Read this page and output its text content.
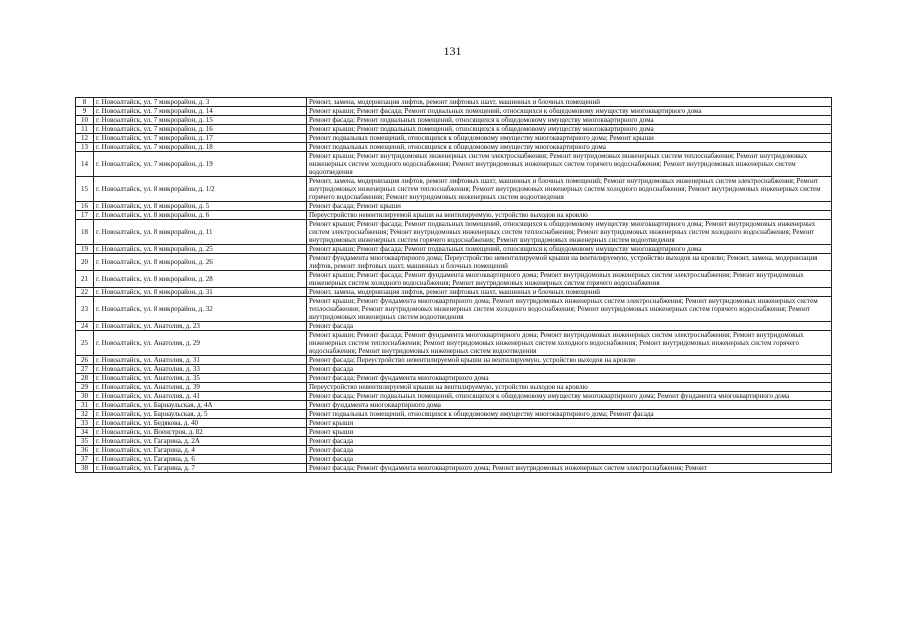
131
8	г. Новоалтайск, ул. 7 микрорайон, д. 3	Ремонт, замена, модернизация лифтов, ремонт лифтовых шахт, машинных и блочных помещений
9	г. Новоалтайск, ул. 7 микрорайон, д. 14	Ремонт крыши; Ремонт фасада; Ремонт подвальных помещений, относящихся к общедомовому имуществу многоквартирного дома
10	г. Новоалтайск, ул. 7 микрорайон, д. 15	Ремонт фасада; Ремонт подвальных помещений, относящихся к общедомовому имуществу многоквартирного дома
11	г. Новоалтайск, ул. 7 микрорайон, д. 16	Ремонт крыши; Ремонт подвальных помещений, относящихся к общедомовому имуществу многоквартирного дома
12	г. Новоалтайск, ул. 7 микрорайон, д. 17	Ремонт подвальных помещений, относящихся к общедомовому имуществу многоквартирного дома; Ремонт крыши
13	г. Новоалтайск, ул. 7 микрорайон, д. 18	Ремонт подвальных помещений, относящихся к общедомовому имуществу многоквартирного дома
14	г. Новоалтайск, ул. 7 микрорайон, д. 19	Ремонт крыши; Ремонт внутридомовых инженерных систем электроснабжения; Ремонт внутридомовых инженерных систем теплоснабжения; Ремонт внутридомовых инженерных систем холодного водоснабжения; Ремонт внутридомовых инженерных систем горячего водоснабжения; Ремонт внутридомовых инженерных систем водоотведения
15	г. Новоалтайск, ул. 8 микрорайон, д. 1/2	Ремонт, замена, модернизация лифтов, ремонт лифтовых шахт, машинных и блочных помещений; Ремонт внутридомовых инженерных систем электроснабжения; Ремонт внутридомовых инженерных систем теплоснабжения; Ремонт внутридомовых инженерных систем холодного водоснабжения; Ремонт внутридомовых инженерных систем горячего водоснабжения; Ремонт внутридомовых инженерных систем водоотведения
16	г. Новоалтайск, ул. 8 микрорайон, д. 5	Ремонт фасада; Ремонт крыши
17	г. Новоалтайск, ул. 8 микрорайон, д. 6	Переустройство невентилируемой крыши на вентилируемую, устройство выходов на кровлю
18	г. Новоалтайск, ул. 8 микрорайон, д. 11	Ремонт крыши; Ремонт фасада; Ремонт подвальных помещений, относящихся к общедомовому имуществу многоквартирного дома; Ремонт внутридомовых инженерных систем электроснабжения; Ремонт внутридомовых инженерных систем теплоснабжения; Ремонт внутридомовых инженерных систем холодного водоснабжения; Ремонт внутридомовых инженерных систем горячего водоснабжения; Ремонт внутридомовых инженерных систем водоотведения
19	г. Новоалтайск, ул. 8 микрорайон, д. 25	Ремонт крыши; Ремонт фасада; Ремонт подвальных помещений, относящихся к общедомовому имуществу многоквартирного дома
20	г. Новоалтайск, ул. 8 микрорайон, д. 26	Ремонт фундамента многоквартирного дома; Переустройство невентилируемой крыши на вентилируемую, устройство выходов на кровлю; Ремонт, замена, модернизация лифтов, ремонт лифтовых шахт, машинных и блочных помещений
21	г. Новоалтайск, ул. 8 микрорайон, д. 28	Ремонт крыши; Ремонт фасада; Ремонт фундамента многоквартирного дома; Ремонт внутридомовых инженерных систем электроснабжения; Ремонт внутридомовых инженерных систем холодного водоснабжения; Ремонт внутридомовых инженерных систем горячего водоснабжения
22	г. Новоалтайск, ул. 8 микрорайон, д. 31	Ремонт, замена, модернизация лифтов, ремонт лифтовых шахт, машинных и блочных помещений
23	г. Новоалтайск, ул. 8 микрорайон, д. 32	Ремонт крыши; Ремонт фундамента многоквартирного дома; Ремонт внутридомовых инженерных систем электроснабжения; Ремонт внутридомовых инженерных систем теплоснабжения; Ремонт внутридомовых инженерных систем холодного водоснабжения; Ремонт внутридомовых инженерных систем горячего водоснабжения; Ремонт внутридомовых инженерных систем водоотведения
24	г. Новоалтайск, ул. Анатолия, д. 23	Ремонт фасада
25	г. Новоалтайск, ул. Анатолия, д. 29	Ремонт крыши; Ремонт фасада; Ремонт фундамента многоквартирного дома; Ремонт внутридомовых инженерных систем электроснабжения; Ремонт внутридомовых инженерных систем теплоснабжения; Ремонт внутридомовых инженерных систем холодного водоснабжения; Ремонт внутридомовых инженерных систем горячего водоснабжения; Ремонт внутридомовых инженерных систем водоотведения
26	г. Новоалтайск, ул. Анатолия, д. 31	Ремонт фасада; Переустройство невентилируемой крыши на вентилируемую, устройство выходов на кровлю
27	г. Новоалтайск, ул. Анатолия, д. 33	Ремонт фасада
28	г. Новоалтайск, ул. Анатолия, д. 35	Ремонт фасада; Ремонт фундамента многоквартирного дома
29	г. Новоалтайск, ул. Анатолия, д. 39	Переустройство невентилируемой крыши на вентилируемую, устройство выходов на кровлю
30	г. Новоалтайск, ул. Анатолия, д. 41	Ремонт фасада; Ремонт подвальных помещений, относящихся к общедомовому имуществу многоквартирного дома; Ремонт фундамента многоквартирного дома
31	г. Новоалтайск, ул. Барнаульская, д. 4А	Ремонт фундамента многоквартирного дома
32	г. Новоалтайск, ул. Барнаульская, д. 5	Ремонт подвальных помещений, относящихся к общедомовому имуществу многоквартирного дома; Ремонт фасада
33	г. Новоалтайск, ул. Бедякова, д. 40	Ремонт крыши
34	г. Новоалтайск, ул. Военстроя, д. 82	Ремонт крыши
35	г. Новоалтайск, ул. Гагарина, д. 2А	Ремонт фасада
36	г. Новоалтайск, ул. Гагарина, д. 4	Ремонт фасада
37	г. Новоалтайск, ул. Гагарина, д. 6	Ремонт фасада
38	г. Новоалтайск, ул. Гагарина, д. 7	Ремонт фасада; Ремонт фундамента многоквартирного дома; Ремонт внутридомовых инженерных систем электроснабжения; Ремонт
